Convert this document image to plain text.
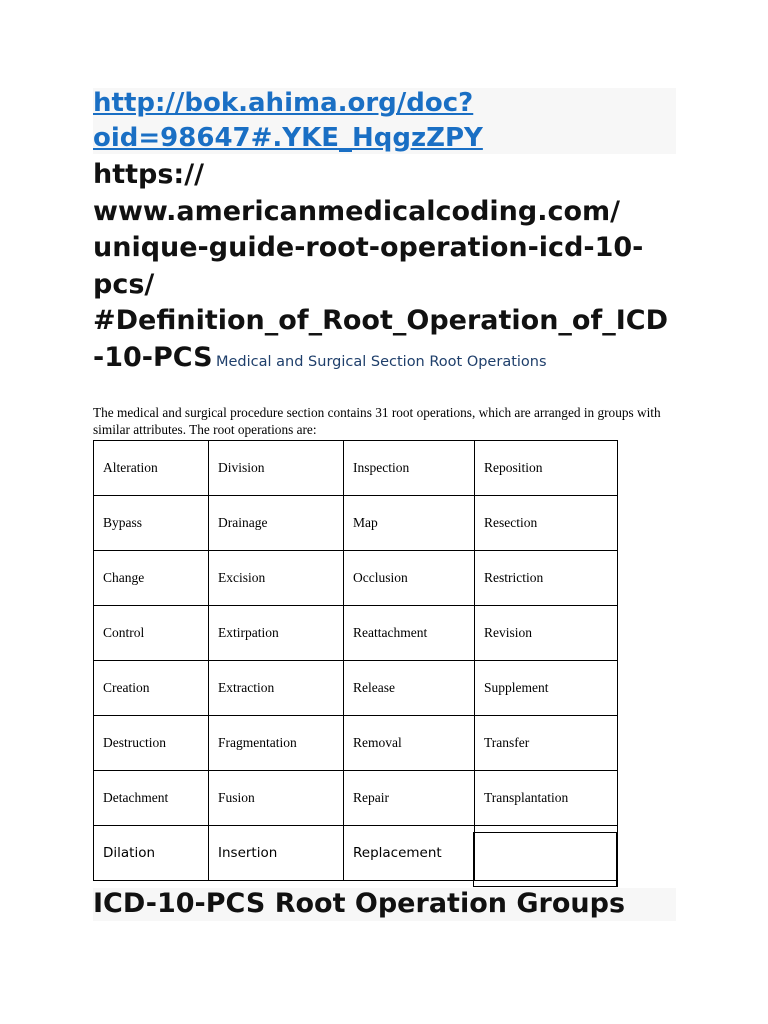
http://bok.ahima.org/doc?
oid=98647#.YKE_HqgzZPY
https://
www.americanmedicalcoding.com/
unique-guide-root-operation-icd-10-
pcs/
#Definition_of_Root_Operation_of_ICD
-10-PCS Medical and Surgical Section Root Operations

The medical and surgical procedure section contains 31 root operations, which are arranged in groups with similar attributes. The root operations are:

Alteration	Division	Inspection	Reposition
Bypass	Drainage	Map	Resection
Change	Excision	Occlusion	Restriction
Control	Extirpation	Reattachment	Revision
Creation	Extraction	Release	Supplement
Destruction	Fragmentation	Removal	Transfer
Detachment	Fusion	Repair	Transplantation
Dilation	Insertion	Replacement	
ICD-10-PCS Root Operation Groups
